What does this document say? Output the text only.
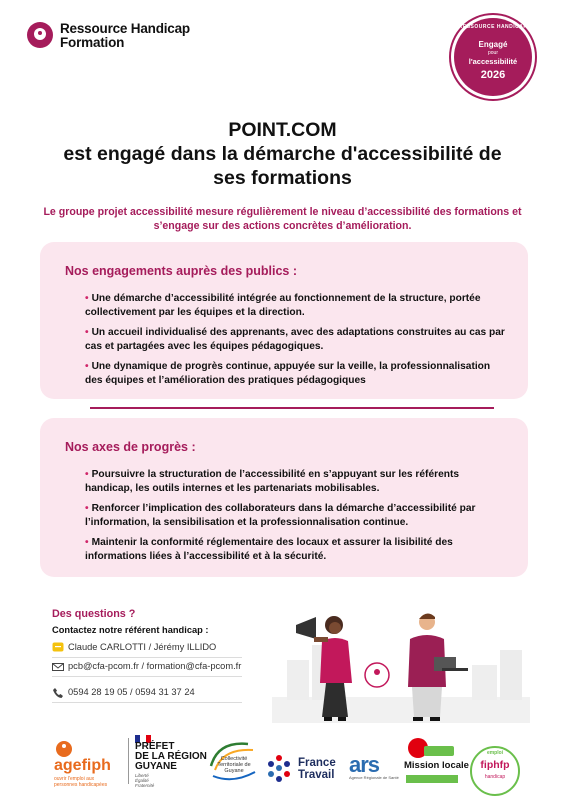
Ressource Handicap
Formation
RESSOURCE HANDICAP
Engagé
pour
l'accessibilité
2026
POINT.COM
est engagé dans la démarche d'accessibilité de
ses formations
Le groupe projet accessibilité mesure régulièrement le niveau d’accessibilité des formations et s’engage sur des actions concrètes d’amélioration.
Nos engagements auprès des publics :
• Une démarche d’accessibilité intégrée au fonctionnement de la structure, portée collectivement par les équipes et la direction.
• Un accueil individualisé des apprenants, avec des adaptations construites au cas par cas et partagées avec les équipes pédagogiques.
• Une dynamique de progrès continue, appuyée sur la veille, la professionnalisation des équipes et l’amélioration des pratiques pédagogiques
Nos axes de progrès :
• Poursuivre la structuration de l’accessibilité en s’appuyant sur les référents handicap, les outils internes et les partenariats mobilisables.
• Renforcer l’implication des collaborateurs dans la démarche d’accessibilité par l’information, la sensibilisation et la professionnalisation continue.
• Maintenir la conformité réglementaire des locaux et assurer la lisibilité des informations liées à l’accessibilité et à la sécurité.
Des questions ?
Contactez notre référent handicap :
Claude CARLOTTI / Jérémy ILLIDO
pcb@cfa-pcom.fr / formation@cfa-pcom.fr
0594 28 19 05 / 0594 31 37 24
agefiph
ouvrir l'emploi aux personnes handicapées
PRÉFET
DE LA RÉGION
GUYANE
Liberté
Égalité
Fraternité
Collectivité Territoriale de Guyane
France
Travail ars
Agence Régionale de Santé
Mission locale
emploi
fiphfp
handicap
